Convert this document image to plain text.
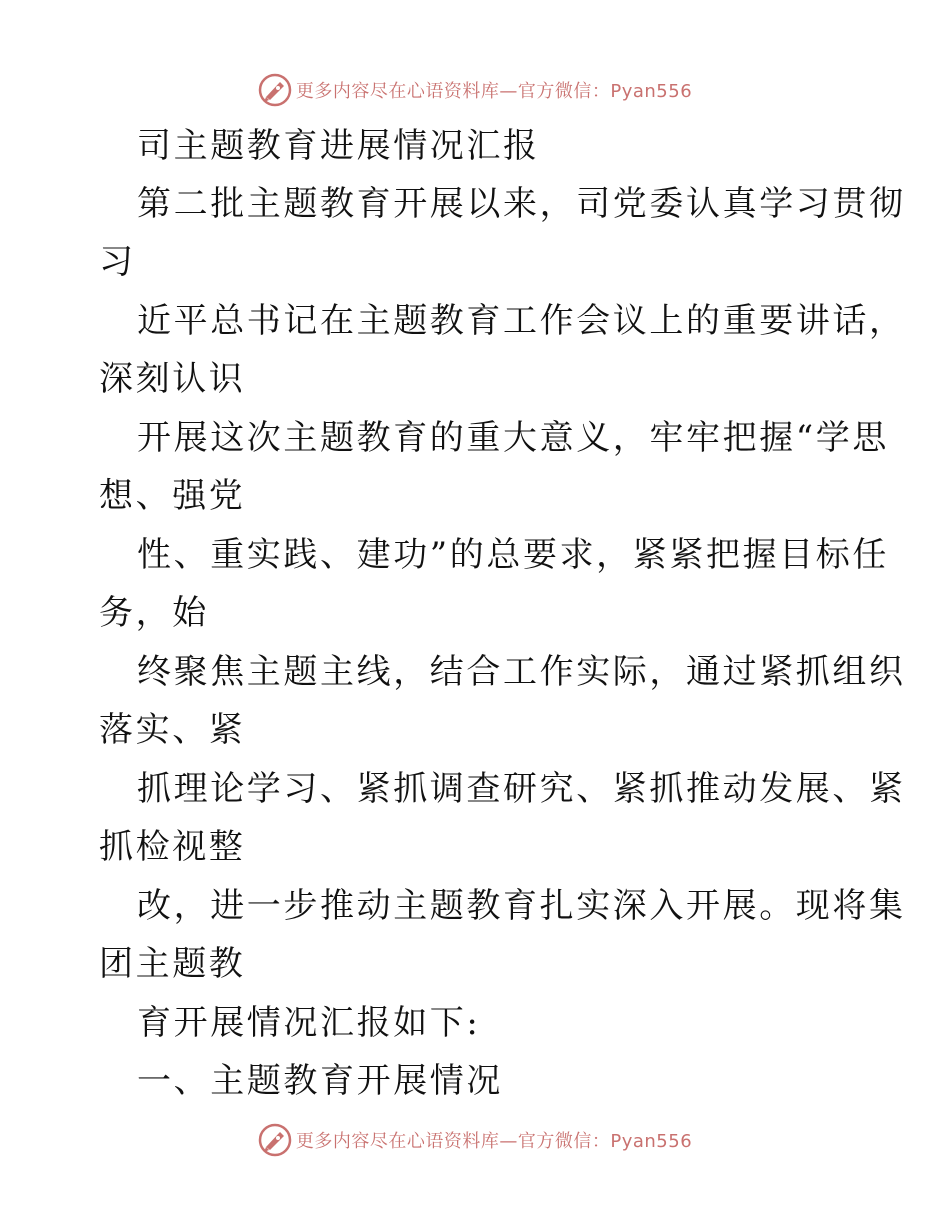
更多内容尽在心语资料库—官方微信：Pyan556
司主题教育进展情况汇报
第二批主题教育开展以来，司党委认真学习贯彻
习
近平总书记在主题教育工作会议上的重要讲话，
深刻认识
开展这次主题教育的重大意义，牢牢把握“学思
想、强党
性、重实践、建功”的总要求，紧紧把握目标任
务，始
终聚焦主题主线，结合工作实际，通过紧抓组织
落实、紧
抓理论学习、紧抓调查研究、紧抓推动发展、紧
抓检视整
改，进一步推动主题教育扎实深入开展。现将集
团主题教
育开展情况汇报如下:
一、主题教育开展情况
更多内容尽在心语资料库—官方微信：Pyan556
